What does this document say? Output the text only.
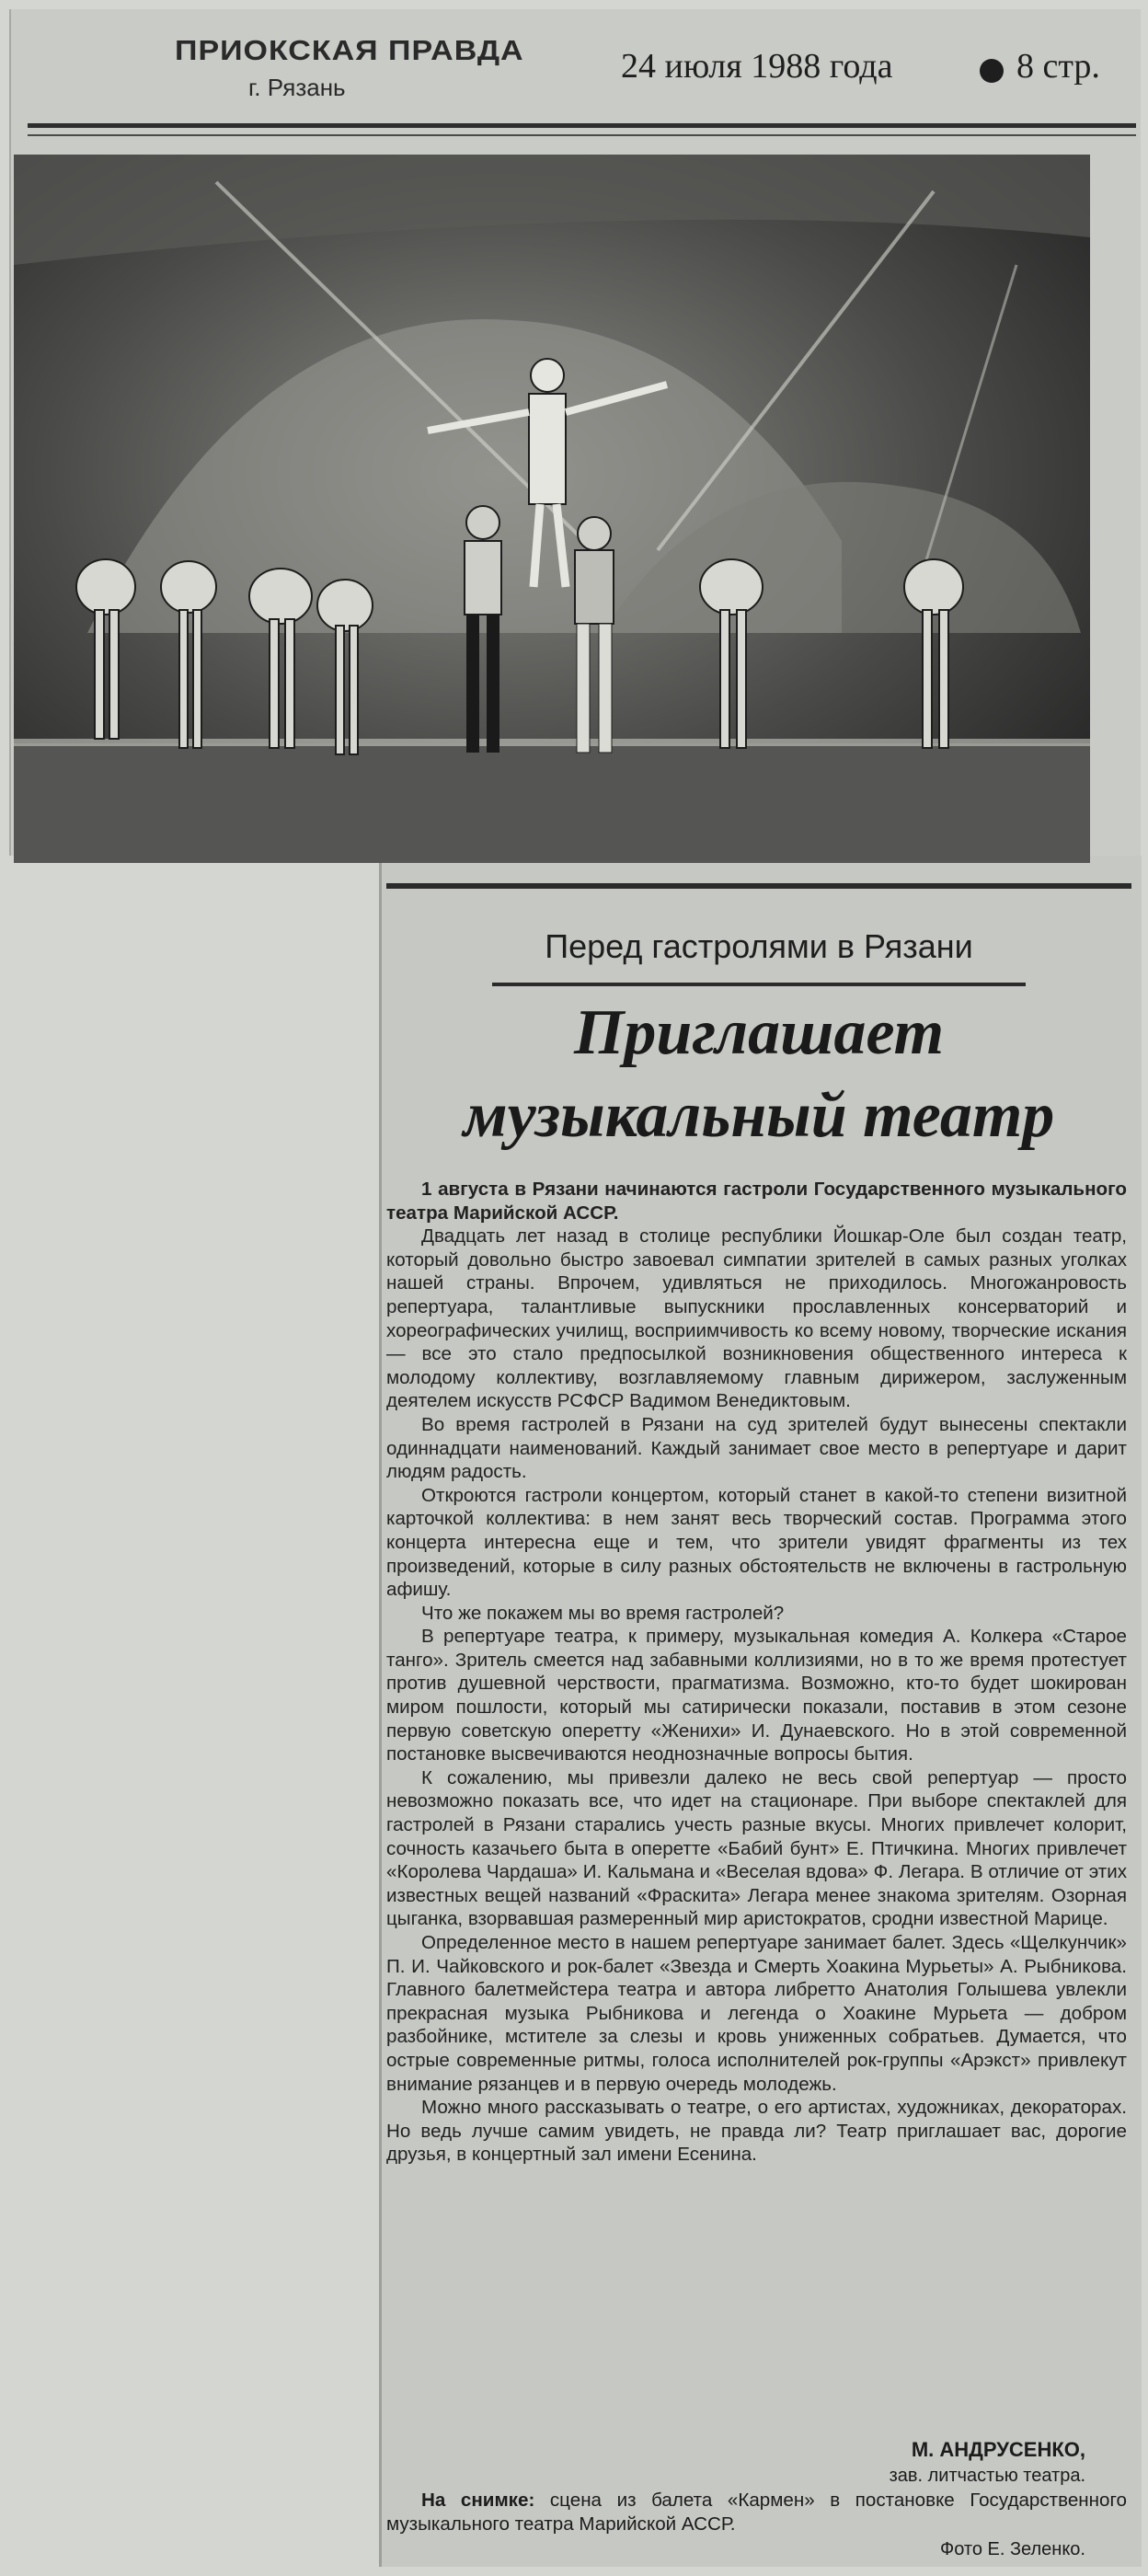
ПРИОКСКАЯ ПРАВДА
г. Рязань
24 июля 1988 года	8 стр.
Перед гастролями в Рязани
Приглашает
музыкальный театр

1 августа в Рязани начинаются гастроли Государственного музыкального театра Марийской АССР.

Двадцать лет назад в столице республики Йошкар-Оле был создан театр, который довольно быстро завоевал симпатии зрителей в самых разных уголках нашей страны. Впрочем, удивляться не приходилось. Многожанровость репертуара, талантливые выпускники прославленных консерваторий и хореографических училищ, восприимчивость ко всему новому, творческие искания — все это стало предпосылкой возникновения общественного интереса к молодому коллективу, возглавляемому главным дирижером, заслуженным деятелем искусств РСФСР Вадимом Венедиктовым.

Во время гастролей в Рязани на суд зрителей будут вынесены спектакли одиннадцати наименований. Каждый занимает свое место в репертуаре и дарит людям радость.

Откроются гастроли концертом, который станет в какой-то степени визитной карточкой коллектива: в нем занят весь творческий состав. Программа этого концерта интересна еще и тем, что зрители увидят фрагменты из тех произведений, которые в силу разных обстоятельств не включены в гастрольную афишу.

Что же покажем мы во время гастролей?

В репертуаре театра, к примеру, музыкальная комедия А. Колкера «Старое танго». Зритель смеется над забавными коллизиями, но в то же время протестует против душевной черствости, прагматизма. Возможно, кто-то будет шокирован миром пошлости, который мы сатирически показали, поставив в этом сезоне первую советскую оперетту «Женихи» И. Дунаевского. Но в этой современной постановке высвечиваются неоднозначные вопросы бытия.

К сожалению, мы привезли далеко не весь свой репертуар — просто невозможно показать все, что идет на стационаре. При выборе спектаклей для гастролей в Рязани старались учесть разные вкусы. Многих привлечет колорит, сочность казачьего быта в оперетте «Бабий бунт» Е. Птичкина. Многих привлечет «Королева Чардаша» И. Кальмана и «Веселая вдова» Ф. Легара. В отличие от этих известных вещей названий «Фраскита» Легара менее знакома зрителям. Озорная цыганка, взорвавшая размеренный мир аристократов, сродни известной Марице.

Определенное место в нашем репертуаре занимает балет. Здесь «Щелкунчик» П. И. Чайковского и рок-балет «Звезда и Смерть Хоакина Мурьеты» А. Рыбникова. Главного балетмейстера театра и автора либретто Анатолия Голышева увлекли прекрасная музыка Рыбникова и легенда о Хоакине Мурьета — добром разбойнике, мстителе за слезы и кровь униженных собратьев. Думается, что острые современные ритмы, голоса исполнителей рок-группы «Арэкст» привлекут внимание рязанцев и в первую очередь молодежь.

Можно много рассказывать о театре, о его артистах, художниках, декораторах. Но ведь лучше самим увидеть, не правда ли? Театр приглашает вас, дорогие друзья, в концертный зал имени Есенина.

М. АНДРУСЕНКО,
зав. литчастью театра.
На снимке: сцена из балета «Кармен» в постановке Государственного музыкального театра Марийской АССР.
Фото Е. Зеленко.
